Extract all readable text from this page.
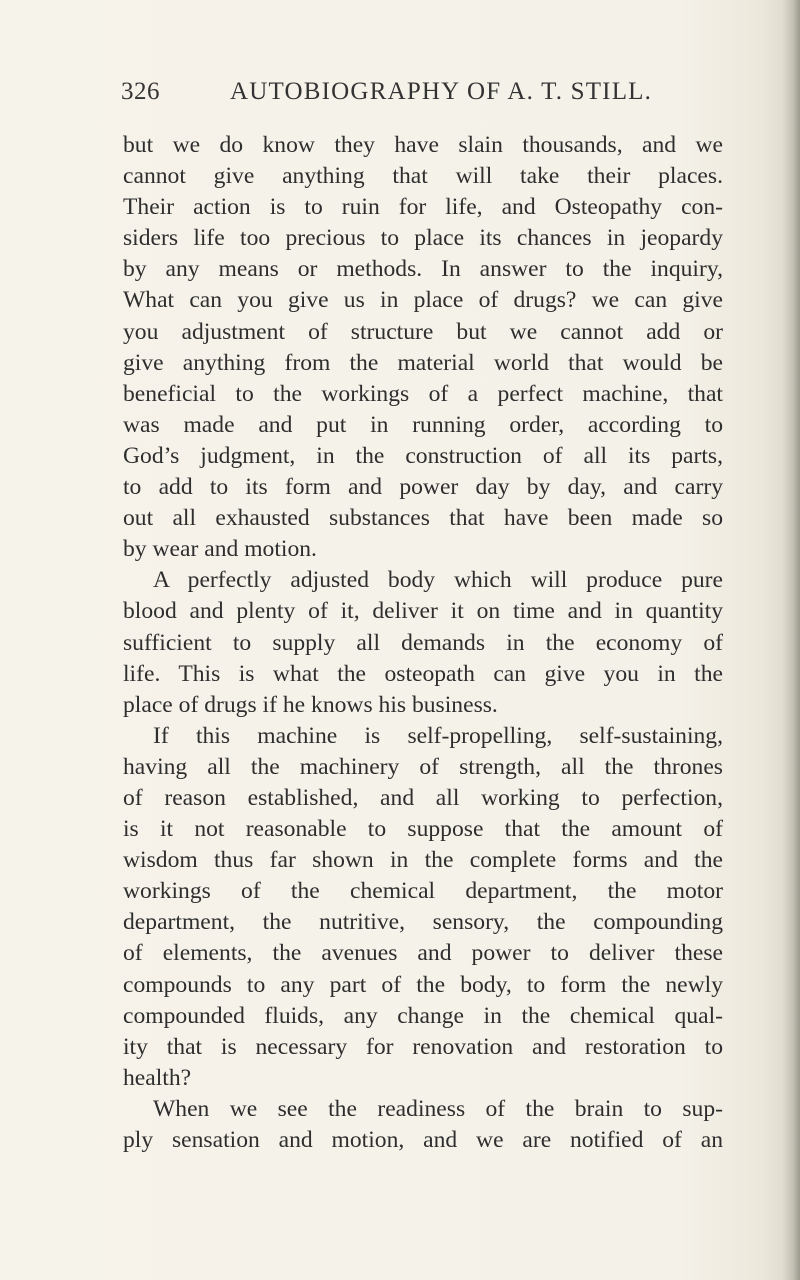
326	AUTOBIOGRAPHY OF A. T. STILL.
but we do know they have slain thousands, and we
cannot give anything that will take their places.
Their action is to ruin for life, and Osteopathy con-
siders life too precious to place its chances in jeopardy
by any means or methods. In answer to the inquiry,
What can you give us in place of drugs? we can give
you adjustment of structure but we cannot add or
give anything from the material world that would be
beneficial to the workings of a perfect machine, that
was made and put in running order, according to
God’s judgment, in the construction of all its parts,
to add to its form and power day by day, and carry
out all exhausted substances that have been made so
by wear and motion.
A perfectly adjusted body which will produce pure
blood and plenty of it, deliver it on time and in quantity
sufficient to supply all demands in the economy of
life. This is what the osteopath can give you in the
place of drugs if he knows his business.
If this machine is self-propelling, self-sustaining,
having all the machinery of strength, all the thrones
of reason established, and all working to perfection,
is it not reasonable to suppose that the amount of
wisdom thus far shown in the complete forms and the
workings of the chemical department, the motor
department, the nutritive, sensory, the compounding
of elements, the avenues and power to deliver these
compounds to any part of the body, to form the newly
compounded fluids, any change in the chemical qual-
ity that is necessary for renovation and restoration to
health?
When we see the readiness of the brain to sup-
ply sensation and motion, and we are notified of an
